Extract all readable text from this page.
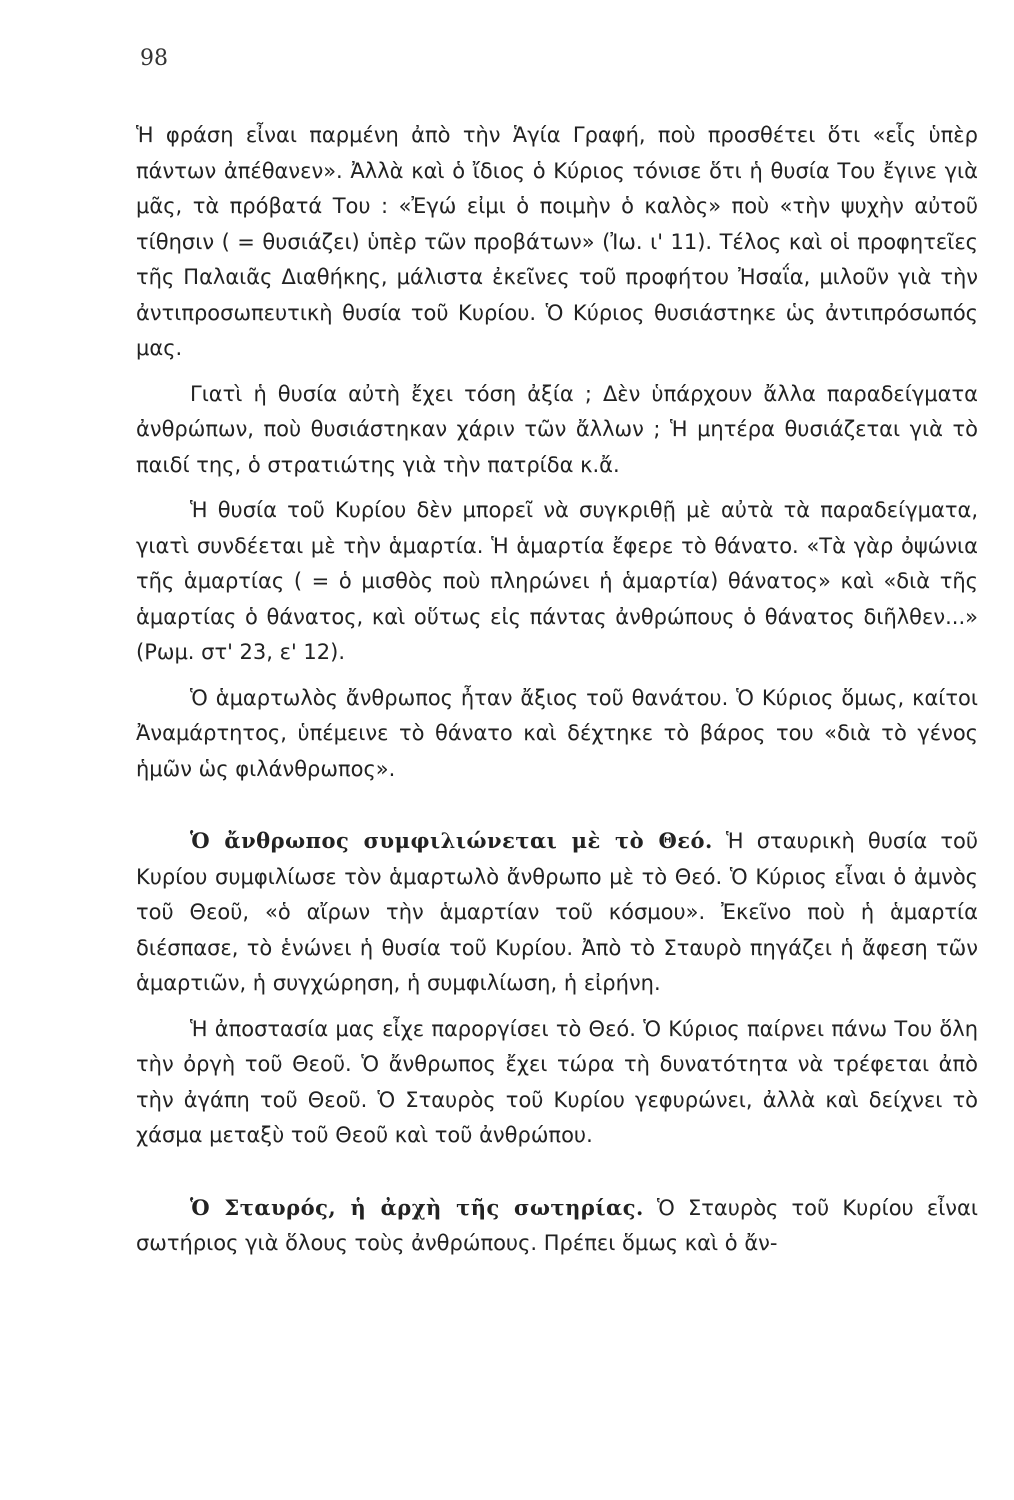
98

Ἡ φράση εἶναι παρμένη ἀπὸ τὴν Ἁγία Γραφή, ποὺ προσθέτει ὅτι «εἷς ὑπὲρ πάντων ἀπέθανεν». Ἀλλὰ καὶ ὁ ἴδιος ὁ Κύριος τόνισε ὅτι ἡ θυσία Του ἔγινε γιὰ μᾶς, τὰ πρόβατά Του : «Ἐγώ εἰμι ὁ ποιμὴν ὁ καλὸς» ποὺ «τὴν ψυχὴν αὐτοῦ τίθησιν ( = θυσιάζει) ὑπὲρ τῶν προβάτων» (Ἰω. ι' 11). Τέλος καὶ οἱ προφητεῖες τῆς Παλαιᾶς Διαθήκης, μάλιστα ἐκεῖνες τοῦ προφήτου Ἠσαΐα, μιλοῦν γιὰ τὴν ἀντιπροσωπευτικὴ θυσία τοῦ Κυρίου. Ὁ Κύριος θυσιάστηκε ὡς ἀντιπρόσωπός μας.

Γιατὶ ἡ θυσία αὐτὴ ἔχει τόση ἀξία ; Δὲν ὑπάρχουν ἄλλα παραδείγματα ἀνθρώπων, ποὺ θυσιάστηκαν χάριν τῶν ἄλλων ; Ἡ μητέρα θυσιάζεται γιὰ τὸ παιδί της, ὁ στρατιώτης γιὰ τὴν πατρίδα κ.ἄ.

Ἡ θυσία τοῦ Κυρίου δὲν μπορεῖ νὰ συγκριθῇ μὲ αὐτὰ τὰ παραδείγματα, γιατὶ συνδέεται μὲ τὴν ἁμαρτία. Ἡ ἁμαρτία ἔφερε τὸ θάνατο. «Τὰ γὰρ ὀψώνια τῆς ἁμαρτίας ( = ὁ μισθὸς ποὺ πληρώνει ἡ ἁμαρτία) θάνατος» καὶ «διὰ τῆς ἁμαρτίας ὁ θάνατος, καὶ οὕτως εἰς πάντας ἀνθρώπους ὁ θάνατος διῆλθεν...» (Ρωμ. στ' 23, ε' 12).

Ὁ ἁμαρτωλὸς ἄνθρωπος ἦταν ἄξιος τοῦ θανάτου. Ὁ Κύριος ὅμως, καίτοι Ἀναμάρτητος, ὑπέμεινε τὸ θάνατο καὶ δέχτηκε τὸ βάρος του «διὰ τὸ γένος ἡμῶν ὡς φιλάνθρωπος».

Ὁ ἄνθρωπος συμφιλιώνεται μὲ τὸ Θεό. Ἡ σταυρικὴ θυσία τοῦ Κυρίου συμφιλίωσε τὸν ἁμαρτωλὸ ἄνθρωπο μὲ τὸ Θεό. Ὁ Κύριος εἶναι ὁ ἀμνὸς τοῦ Θεοῦ, «ὁ αἴρων τὴν ἁμαρτίαν τοῦ κόσμου». Ἐκεῖνο ποὺ ἡ ἁμαρτία διέσπασε, τὸ ἑνώνει ἡ θυσία τοῦ Κυρίου. Ἀπὸ τὸ Σταυρὸ πηγάζει ἡ ἄφεση τῶν ἁμαρτιῶν, ἡ συγχώρηση, ἡ συμφιλίωση, ἡ εἰρήνη.

Ἡ ἀποστασία μας εἶχε παροργίσει τὸ Θεό. Ὁ Κύριος παίρνει πάνω Του ὅλη τὴν ὀργὴ τοῦ Θεοῦ. Ὁ ἄνθρωπος ἔχει τώρα τὴ δυνατότητα νὰ τρέφεται ἀπὸ τὴν ἀγάπη τοῦ Θεοῦ. Ὁ Σταυρὸς τοῦ Κυρίου γεφυρώνει, ἀλλὰ καὶ δείχνει τὸ χάσμα μεταξὺ τοῦ Θεοῦ καὶ τοῦ ἀνθρώπου.

Ὁ Σταυρός, ἡ ἀρχὴ τῆς σωτηρίας. Ὁ Σταυρὸς τοῦ Κυρίου εἶναι σωτήριος γιὰ ὅλους τοὺς ἀνθρώπους. Πρέπει ὅμως καὶ ὁ ἄν-
